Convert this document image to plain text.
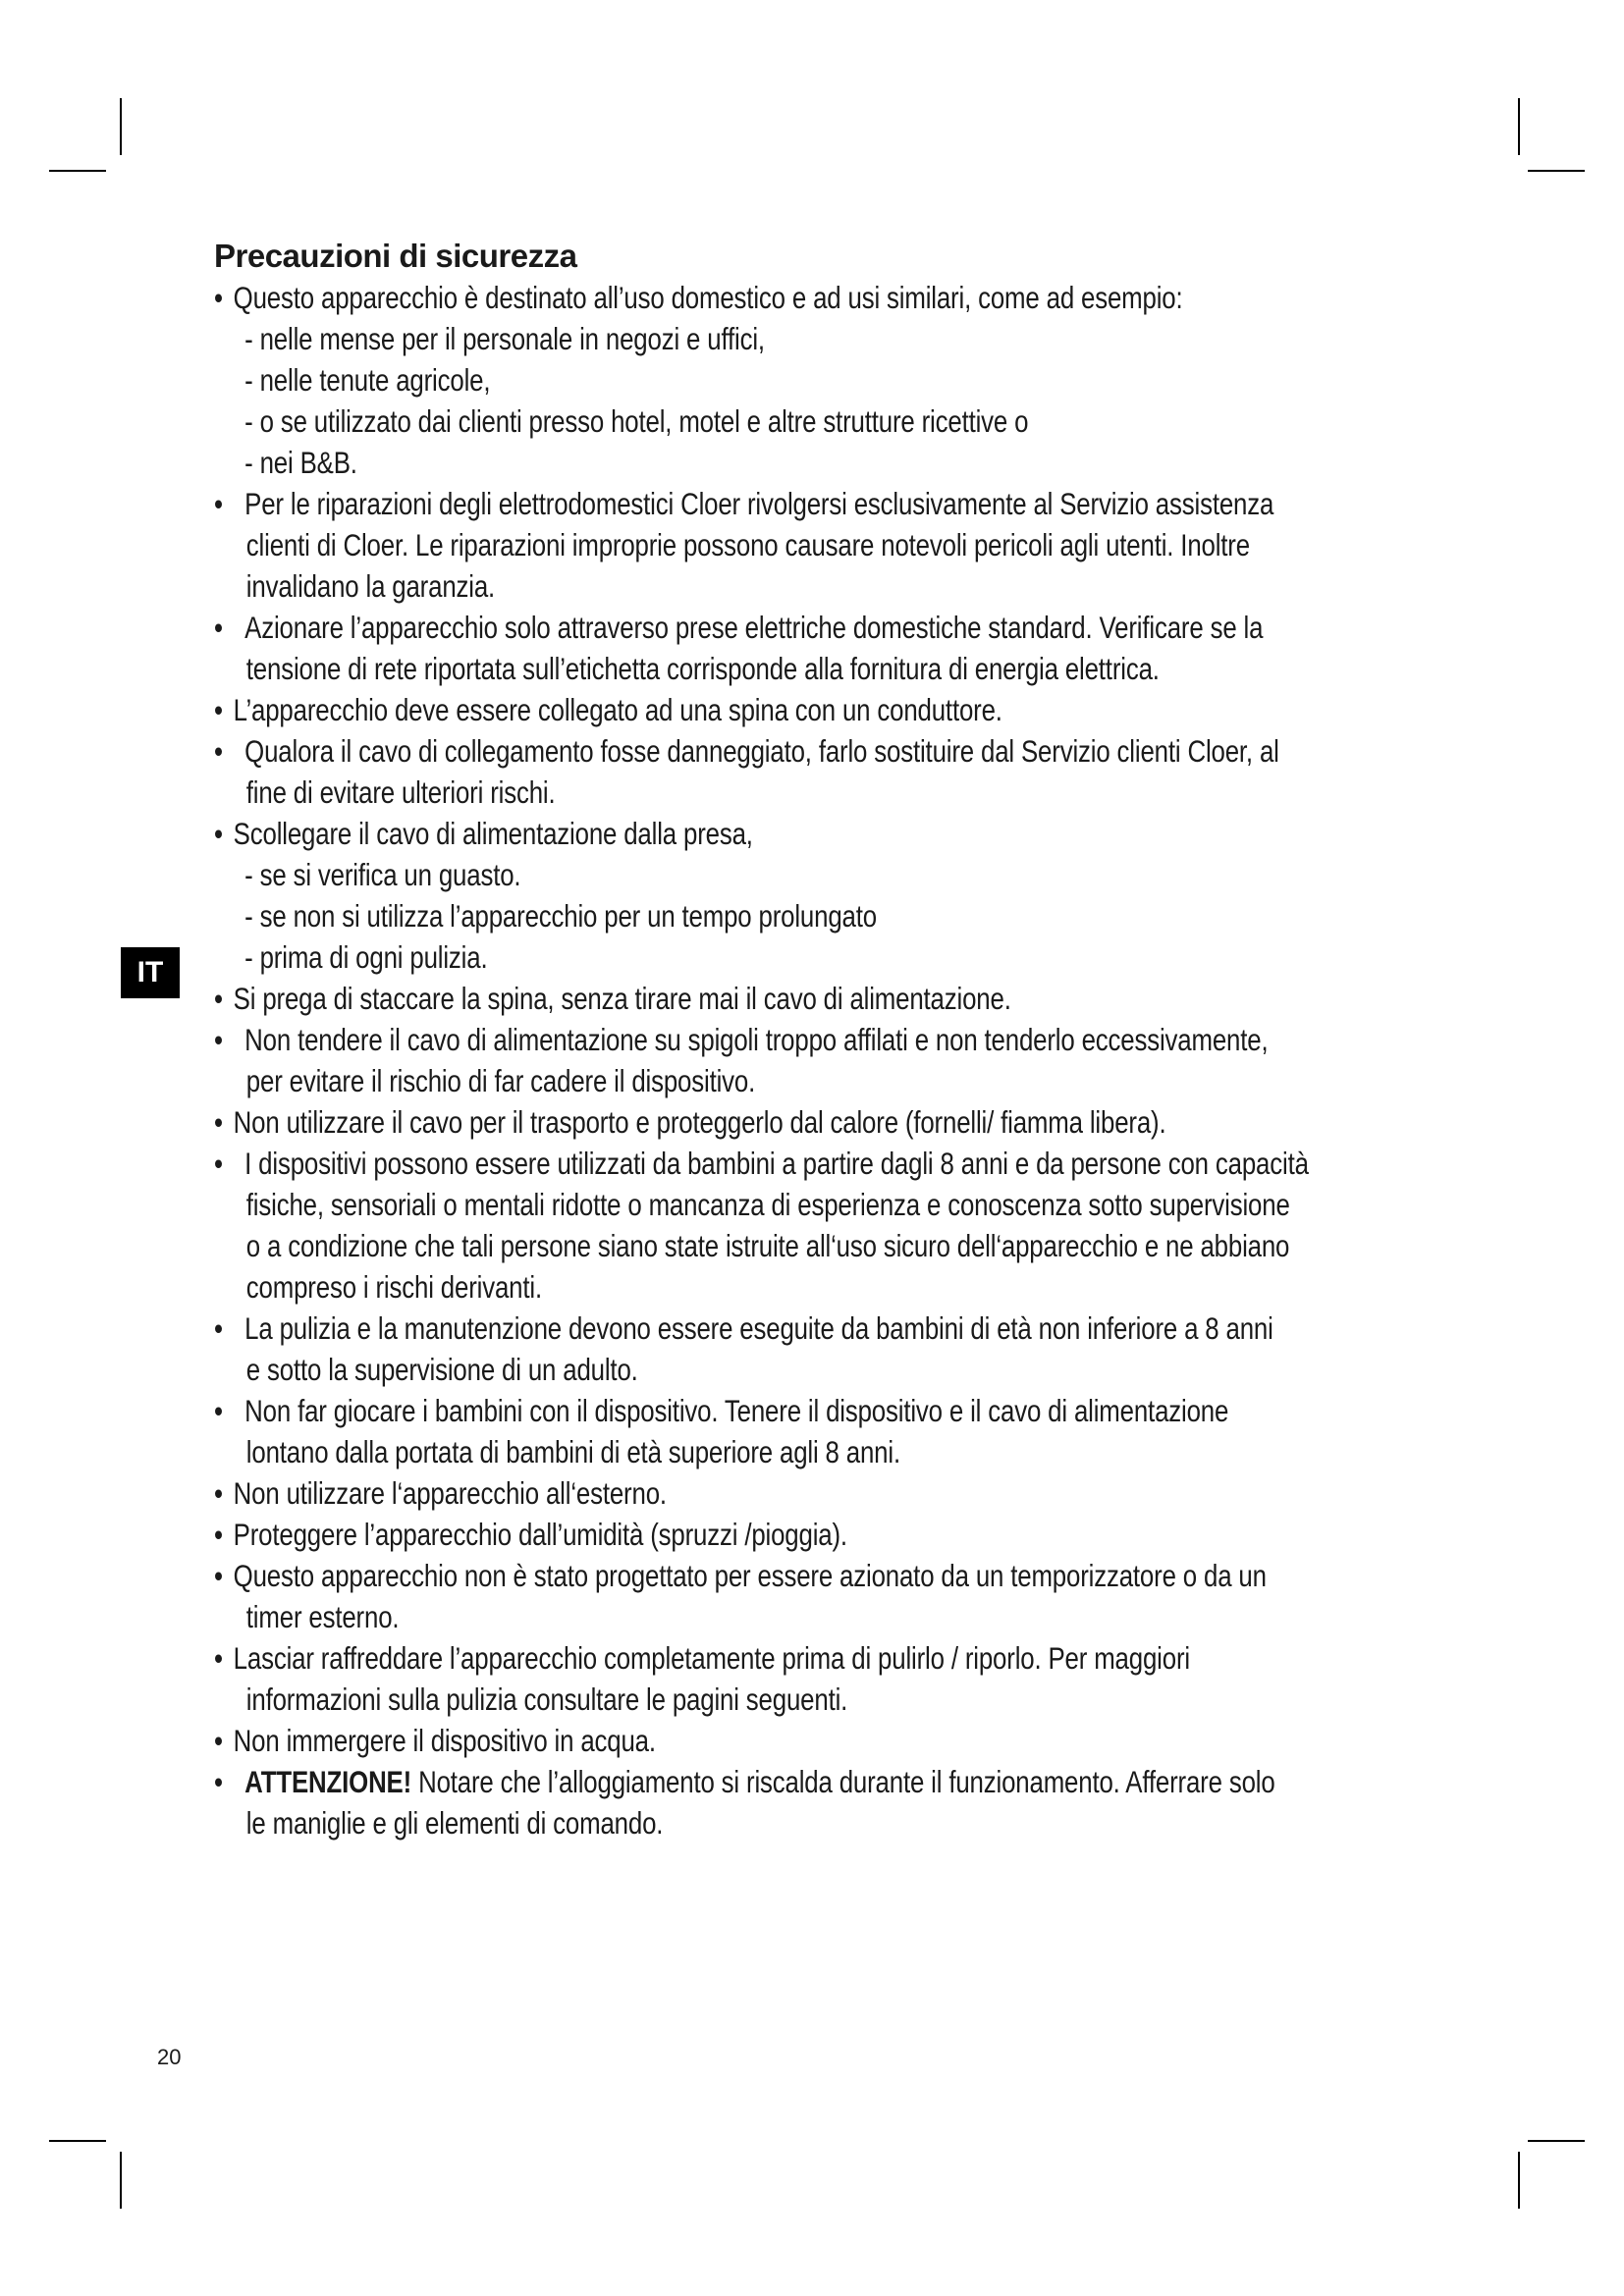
IT
Precauzioni di sicurezza
• Questo apparecchio è destinato all’uso domestico e ad usi similari, come ad esempio:
- nelle mense per il personale in negozi e uffici,
- nelle tenute agricole,
- o se utilizzato dai clienti presso hotel, motel e altre strutture ricettive o
- nei B&B.
• Per le riparazioni degli elettrodomestici Cloer rivolgersi esclusivamente al Servizio assistenza
clienti di Cloer. Le riparazioni improprie possono causare notevoli pericoli agli utenti. Inoltre
invalidano la garanzia.
• Azionare l’apparecchio solo attraverso prese elettriche domestiche standard. Verificare se la
tensione di rete riportata sull’etichetta corrisponde alla fornitura di energia elettrica.
• L’apparecchio deve essere collegato ad una spina con un conduttore.
• Qualora il cavo di collegamento fosse danneggiato, farlo sostituire dal Servizio clienti Cloer, al
fine di evitare ulteriori rischi.
• Scollegare il cavo di alimentazione dalla presa,
- se si verifica un guasto.
- se non si utilizza l’apparecchio per un tempo prolungato
- prima di ogni pulizia.
• Si prega di staccare la spina, senza tirare mai il cavo di alimentazione.
• Non tendere il cavo di alimentazione su spigoli troppo affilati e non tenderlo eccessivamente,
per evitare il rischio di far cadere il dispositivo.
• Non utilizzare il cavo per il trasporto e proteggerlo dal calore (fornelli/ fiamma libera).
• I dispositivi possono essere utilizzati da bambini a partire dagli 8 anni e da persone con capacità
fisiche, sensoriali o mentali ridotte o mancanza di esperienza e conoscenza sotto supervisione
o a condizione che tali persone siano state istruite all‘uso sicuro dell‘apparecchio e ne abbiano
compreso i rischi derivanti.
• La pulizia e la manutenzione devono essere eseguite da bambini di età non inferiore a 8 anni
e sotto la supervisione di un adulto.
• Non far giocare i bambini con il dispositivo. Tenere il dispositivo e il cavo di alimentazione
lontano dalla portata di bambini di età superiore agli 8 anni.
• Non utilizzare l‘apparecchio all‘esterno.
• Proteggere l’apparecchio dall’umidità (spruzzi /pioggia).
• Questo apparecchio non è stato progettato per essere azionato da un temporizzatore o da un
timer esterno.
• Lasciar raffreddare l’apparecchio completamente prima di pulirlo / riporlo. Per maggiori
informazioni sulla pulizia consultare le pagini seguenti.
• Non immergere il dispositivo in acqua.
• ATTENZIONE! Notare che l’alloggiamento si riscalda durante il funzionamento. Afferrare solo
le maniglie e gli elementi di comando.
20
